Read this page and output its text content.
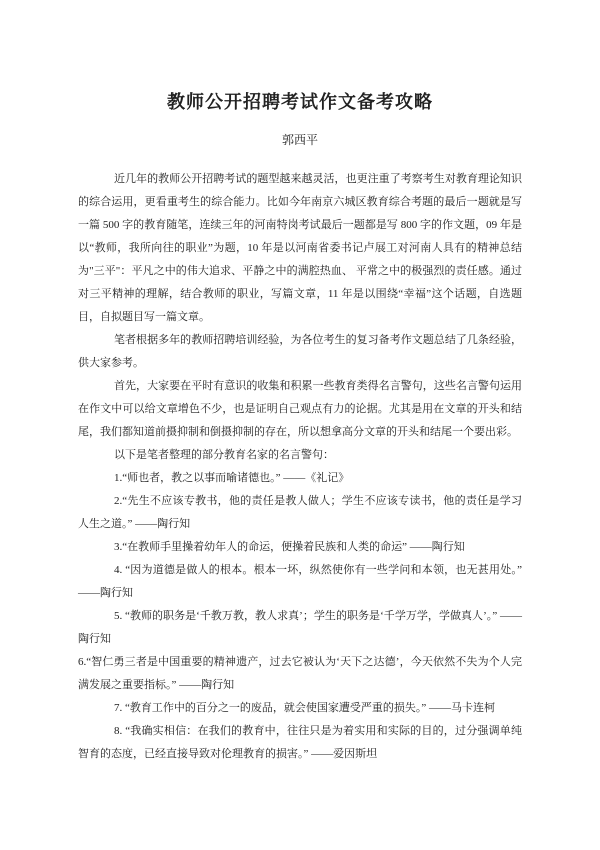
教师公开招聘考试作文备考攻略
郭西平

近几年的教师公开招聘考试的题型越来越灵活，也更注重了考察考生对教育理论知识的综合运用，更看重考生的综合能力。比如今年南京六城区教育综合考题的最后一题就是写一篇 500 字的教育随笔，连续三年的河南特岗考试最后一题都是写 800 字的作文题，09 年是以“教师，我所向往的职业”为题，10 年是以河南省委书记卢展工对河南人具有的精神总结为"三平"：平凡之中的伟大追求、平静之中的满腔热血、 平常之中的极强烈的责任感。通过对三平精神的理解，结合教师的职业，写篇文章，11 年是以围绕“幸福”这个话题，自选题目，自拟题目写一篇文章。

笔者根据多年的教师招聘培训经验，为各位考生的复习备考作文题总结了几条经验，供大家参考。

首先，大家要在平时有意识的收集和积累一些教育类得名言警句，这些名言警句运用在作文中可以给文章增色不少，也是证明自己观点有力的论据。尤其是用在文章的开头和结尾，我们都知道前摄抑制和倒摄抑制的存在，所以想拿高分文章的开头和结尾一个要出彩。

以下是笔者整理的部分教育名家的名言警句：

1.“师也者，教之以事而喻诸德也。” ——《礼记》

2.“先生不应该专教书，他的责任是教人做人；学生不应该专读书，他的责任是学习人生之道。” ——陶行知

3.“在教师手里操着幼年人的命运，便操着民族和人类的命运” ——陶行知

4. “因为道德是做人的根本。根本一坏，纵然使你有一些学问和本领，也无甚用处。” ——陶行知

5. “教师的职务是‘千教万教，教人求真’；学生的职务是‘千学万学，学做真人’。” ——陶行知

6.“智仁勇三者是中国重要的精神遗产，过去它被认为‘天下之达德’，今天依然不失为个人完满发展之重要指标。” ——陶行知

7. “教育工作中的百分之一的废品，就会使国家遭受严重的损失。” ——马卡连柯

8. “我确实相信：在我们的教育中，往往只是为着实用和实际的目的，过分强调单纯智育的态度，已经直接导致对伦理教育的损害。” ——爱因斯坦
